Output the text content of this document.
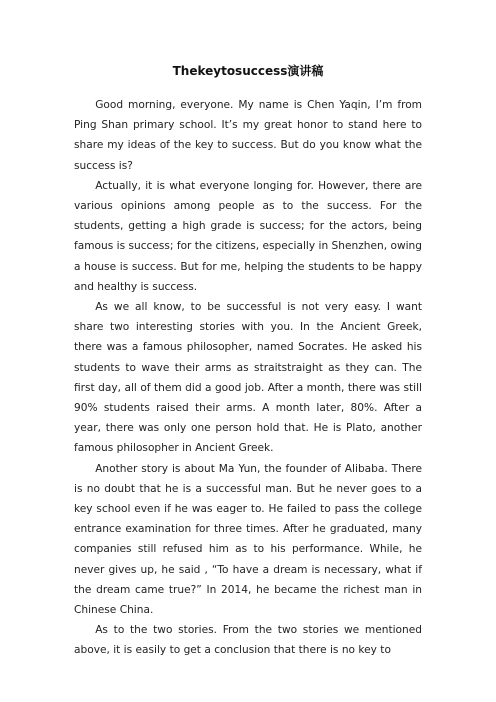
Thekeytosuccess演讲稿

Good morning, everyone. My name is Chen Yaqin, I’m from Ping Shan primary school. It’s my great honor to stand here to share my ideas of the key to success. But do you know what the success is?

Actually, it is what everyone longing for. However, there are various opinions among people as to the success. For the students, getting a high grade is success; for the actors, being famous is success; for the citizens, especially in Shenzhen, owing a house is success. But for me, helping the students to be happy and healthy is success.

As we all know, to be successful is not very easy. I want share two interesting stories with you. In the Ancient Greek, there was a famous philosopher, named Socrates. He asked his students to wave their arms as straitstraight as they can. The first day, all of them did a good job. After a month, there was still 90% students raised their arms. A month later, 80%. After a year, there was only one person hold that. He is Plato, another famous philosopher in Ancient Greek.

Another story is about Ma Yun, the founder of Alibaba. There is no doubt that he is a successful man. But he never goes to a key school even if he was eager to. He failed to pass the college entrance examination for three times. After he graduated, many companies still refused him as to his performance. While, he never gives up, he said , “To have a dream is necessary, what if the dream came true?” In 2014, he became the richest man in Chinese China.

As to the two stories. From the two stories we mentioned above, it is easily to get a conclusion that there is no key to
